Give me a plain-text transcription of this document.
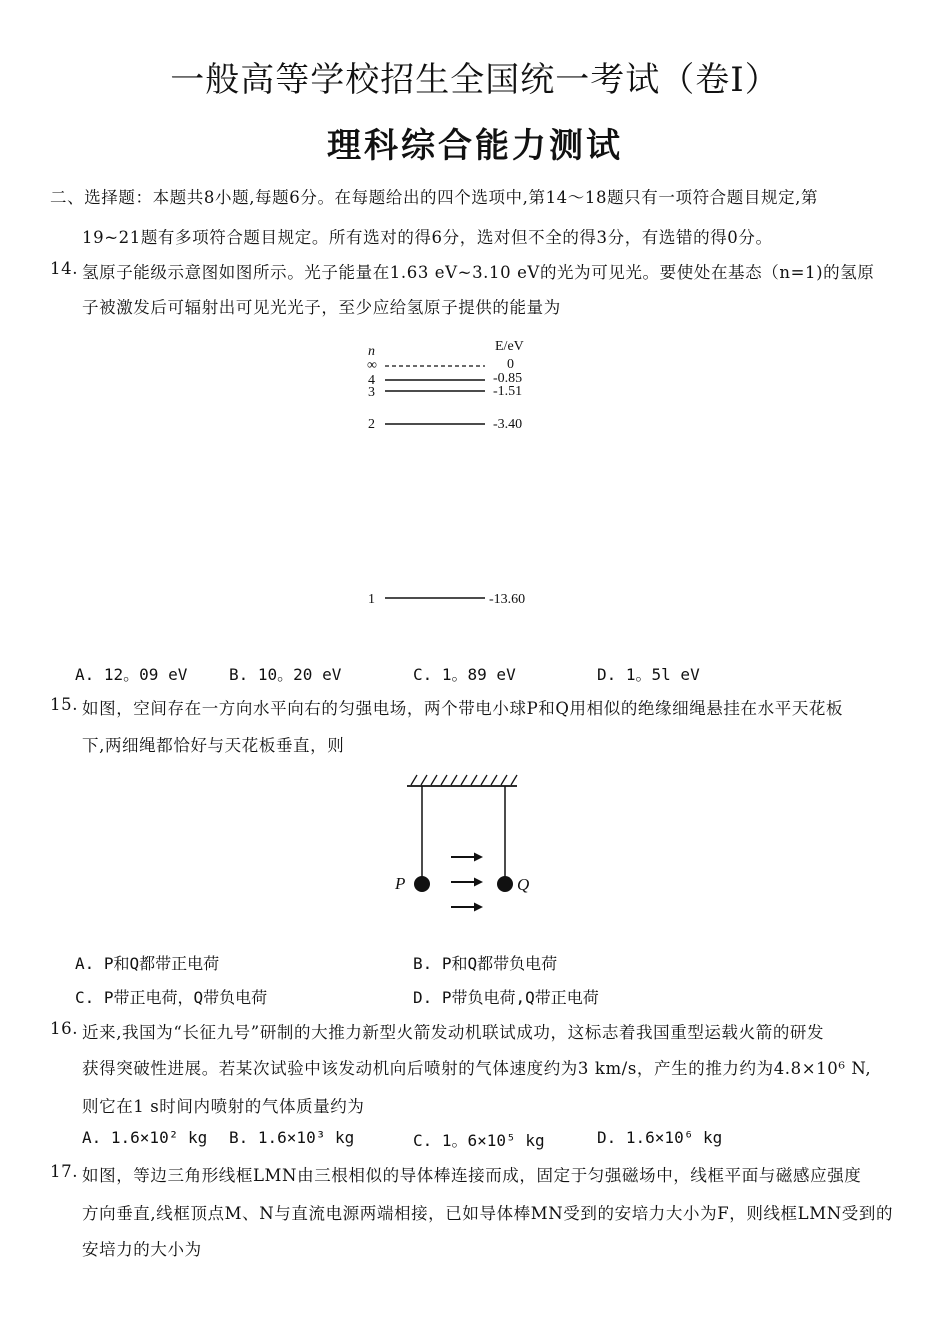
一般高等学校招生全国统一考试（卷Ⅰ）
理科综合能力测试
二、选择题：本题共8小题,每题6分。在每题给出的四个选项中,第14～18题只有一项符合题目规定,第
19~21题有多项符合题目规定。所有选对的得6分，选对但不全的得3分，有选错的得0分。
14. 氢原子能级示意图如图所示。光子能量在1.63 eV~3.10 eV的光为可见光。要使处在基态（n=1)的氢原
子被激发后可辐射出可见光光子，至少应给氢原子提供的能量为
n	E/eV
∞	0
4	-0.85
3	-1.51
2	-3.40
1	-13.60
A. 12。09 eV	B. 10。20 eV	C. 1。89 eV	D. 1。5l eV
15. 如图，空间存在一方向水平向右的匀强电场，两个带电小球P和Q用相似的绝缘细绳悬挂在水平天花板
下,两细绳都恰好与天花板垂直，则
P	Q
A. P和Q都带正电荷	B. P和Q都带负电荷
C. P带正电荷，Q带负电荷	D. P带负电荷,Q带正电荷
16. 近来,我国为“长征九号”研制的大推力新型火箭发动机联试成功，这标志着我国重型运载火箭的研发
获得突破性进展。若某次试验中该发动机向后喷射的气体速度约为3 km/s，产生的推力约为4.8×10⁶ N,
则它在1 s时间内喷射的气体质量约为
A. 1.6×10² kg B. 1.6×10³ kg	C. 1。6×10⁵ kg	D. 1.6×10⁶ kg
17. 如图，等边三角形线框LMN由三根相似的导体棒连接而成，固定于匀强磁场中，线框平面与磁感应强度
方向垂直,线框顶点M、N与直流电源两端相接，已如导体棒MN受到的安培力大小为F，则线框LMN受到的
安培力的大小为
